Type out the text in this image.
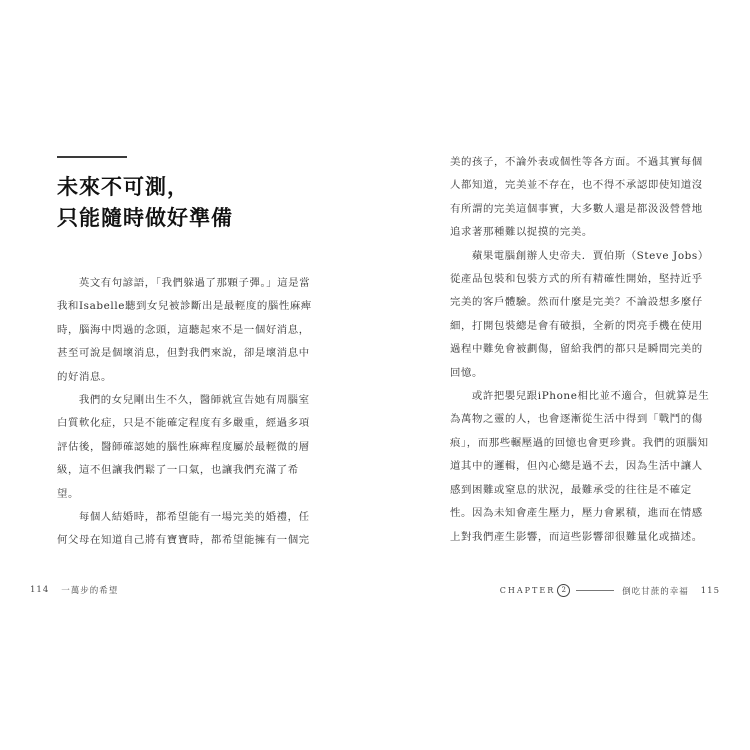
未來不可測，
只能隨時做好準備

英文有句諺語，「我們躲過了那顆子彈。」這是當我和Isabelle聽到女兒被診斷出是最輕度的腦性麻痺時，腦海中閃過的念頭，這聽起來不是一個好消息，甚至可說是個壞消息，但對我們來說，卻是壞消息中的好消息。

我們的女兒剛出生不久，醫師就宣告她有周腦室白質軟化症，只是不能確定程度有多嚴重，經過多項評估後，醫師確認她的腦性麻痺程度屬於最輕微的層級，這不但讓我們鬆了一口氣，也讓我們充滿了希望。

每個人結婚時，都希望能有一場完美的婚禮，任何父母在知道自己將有寶寶時，都希望能擁有一個完

114 一萬步的希望

美的孩子，不論外表或個性等各方面。不過其實每個人都知道，完美並不存在，也不得不承認即使知道沒有所謂的完美這個事實，大多數人還是都汲汲營營地追求著那種難以捉摸的完美。

蘋果電腦創辦人史帝夫．賈伯斯（Steve Jobs）從產品包裝和包裝方式的所有精確性開始，堅持近乎完美的客戶體驗。然而什麼是完美？不論設想多麼仔細，打開包裝總是會有破損，全新的閃亮手機在使用過程中難免會被劃傷，留給我們的都只是瞬間完美的回憶。

或許把嬰兒跟iPhone相比並不適合，但就算是生為萬物之靈的人，也會逐漸從生活中得到「戰鬥的傷痕」，而那些輾壓過的回憶也會更珍貴。我們的頭腦知道其中的邏輯，但內心總是過不去，因為生活中讓人感到困難或窒息的狀況，最難承受的往往是不確定性。因為未知會產生壓力，壓力會累積，進而在情感上對我們產生影響，而這些影響卻很難量化或描述。

CHAPTER 2	倒吃甘蔗的幸福 115
